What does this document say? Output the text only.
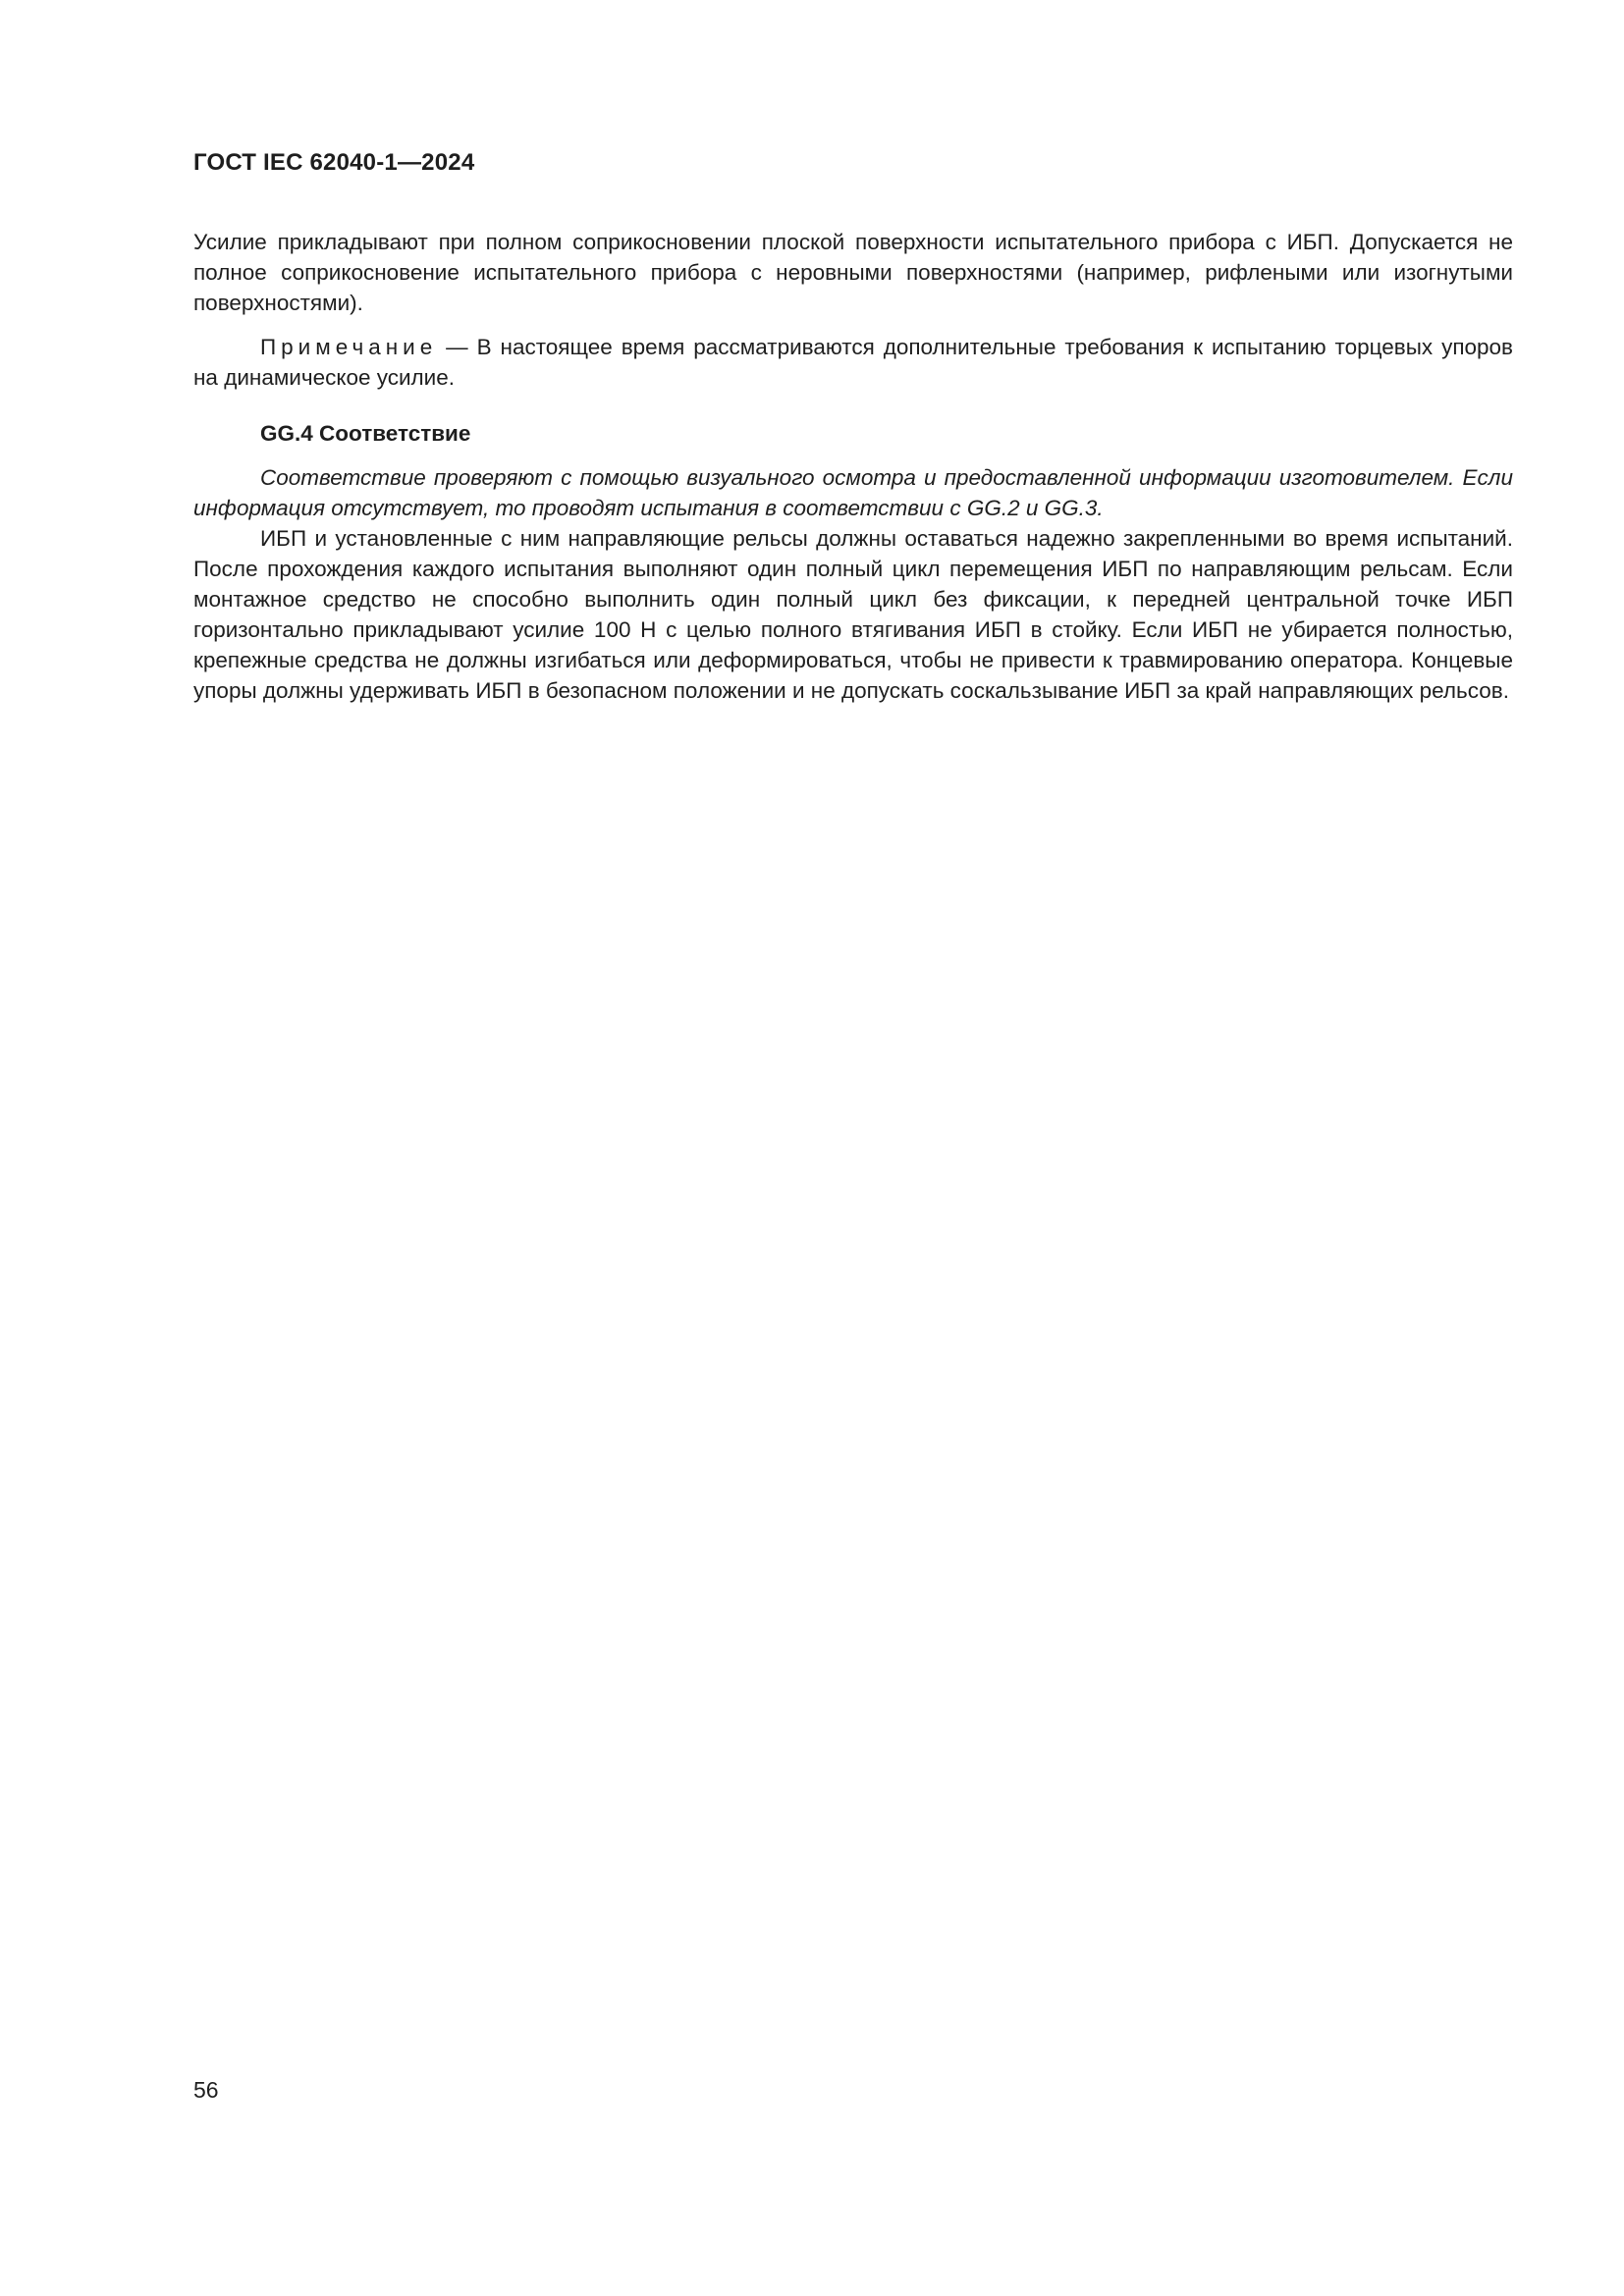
ГОСТ IEC 62040-1—2024

Усилие прикладывают при полном соприкосновении плоской поверхности испытательного прибора с ИБП. Допускается не полное соприкосновение испытательного прибора с неровными поверхностями (например, рифлеными или изогнутыми поверхностями).

Примечание — В настоящее время рассматриваются дополнительные требования к испытанию торцевых упоров на динамическое усилие.

GG.4 Соответствие

Соответствие проверяют с помощью визуального осмотра и предоставленной информации изготовителем. Если информация отсутствует, то проводят испытания в соответствии с GG.2 и GG.3.

ИБП и установленные с ним направляющие рельсы должны оставаться надежно закрепленными во время испытаний. После прохождения каждого испытания выполняют один полный цикл перемещения ИБП по направляющим рельсам. Если монтажное средство не способно выполнить один полный цикл без фиксации, к передней центральной точке ИБП горизонтально прикладывают усилие 100 Н с целью полного втягивания ИБП в стойку. Если ИБП не убирается полностью, крепежные средства не должны изгибаться или деформироваться, чтобы не привести к травмированию оператора. Концевые упоры должны удерживать ИБП в безопасном положении и не допускать соскальзывание ИБП за край направляющих рельсов.

56
